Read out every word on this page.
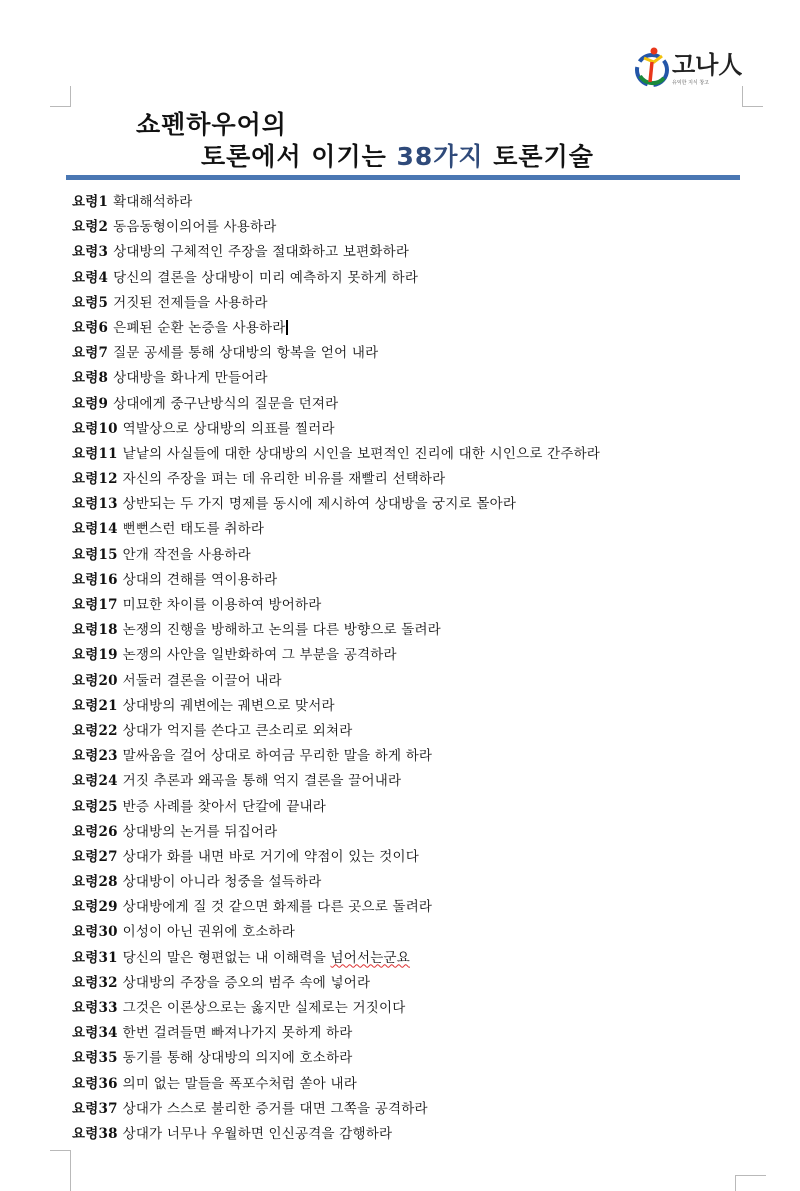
고나人
유익한 지식 창고
쇼펜하우어의
토론에서 이기는 38가지 토론기술
요령1 확대해석하라
요령2 동음동형이의어를 사용하라
요령3 상대방의 구체적인 주장을 절대화하고 보편화하라
요령4 당신의 결론을 상대방이 미리 예측하지 못하게 하라
요령5 거짓된 전제들을 사용하라
요령6 은폐된 순환 논증을 사용하라
요령7 질문 공세를 통해 상대방의 항복을 얻어 내라
요령8 상대방을 화나게 만들어라
요령9 상대에게 중구난방식의 질문을 던져라
요령10 역발상으로 상대방의 의표를 찔러라
요령11 낱낱의 사실들에 대한 상대방의 시인을 보편적인 진리에 대한 시인으로 간주하라
요령12 자신의 주장을 펴는 데 유리한 비유를 재빨리 선택하라
요령13 상반되는 두 가지 명제를 동시에 제시하여 상대방을 궁지로 몰아라
요령14 뻔뻔스런 태도를 취하라
요령15 안개 작전을 사용하라
요령16 상대의 견해를 역이용하라
요령17 미묘한 차이를 이용하여 방어하라
요령18 논쟁의 진행을 방해하고 논의를 다른 방향으로 돌려라
요령19 논쟁의 사안을 일반화하여 그 부분을 공격하라
요령20 서둘러 결론을 이끌어 내라
요령21 상대방의 궤변에는 궤변으로 맞서라
요령22 상대가 억지를 쓴다고 큰소리로 외쳐라
요령23 말싸움을 걸어 상대로 하여금 무리한 말을 하게 하라
요령24 거짓 추론과 왜곡을 통해 억지 결론을 끌어내라
요령25 반증 사례를 찾아서 단칼에 끝내라
요령26 상대방의 논거를 뒤집어라
요령27 상대가 화를 내면 바로 거기에 약점이 있는 것이다
요령28 상대방이 아니라 청중을 설득하라
요령29 상대방에게 질 것 같으면 화제를 다른 곳으로 돌려라
요령30 이성이 아닌 권위에 호소하라
요령31 당신의 말은 형편없는 내 이해력을 넘어서는군요
요령32 상대방의 주장을 증오의 범주 속에 넣어라
요령33 그것은 이론상으로는 옳지만 실제로는 거짓이다
요령34 한번 걸려들면 빠져나가지 못하게 하라
요령35 동기를 통해 상대방의 의지에 호소하라
요령36 의미 없는 말들을 폭포수처럼 쏟아 내라
요령37 상대가 스스로 불리한 증거를 대면 그쪽을 공격하라
요령38 상대가 너무나 우월하면 인신공격을 감행하라
